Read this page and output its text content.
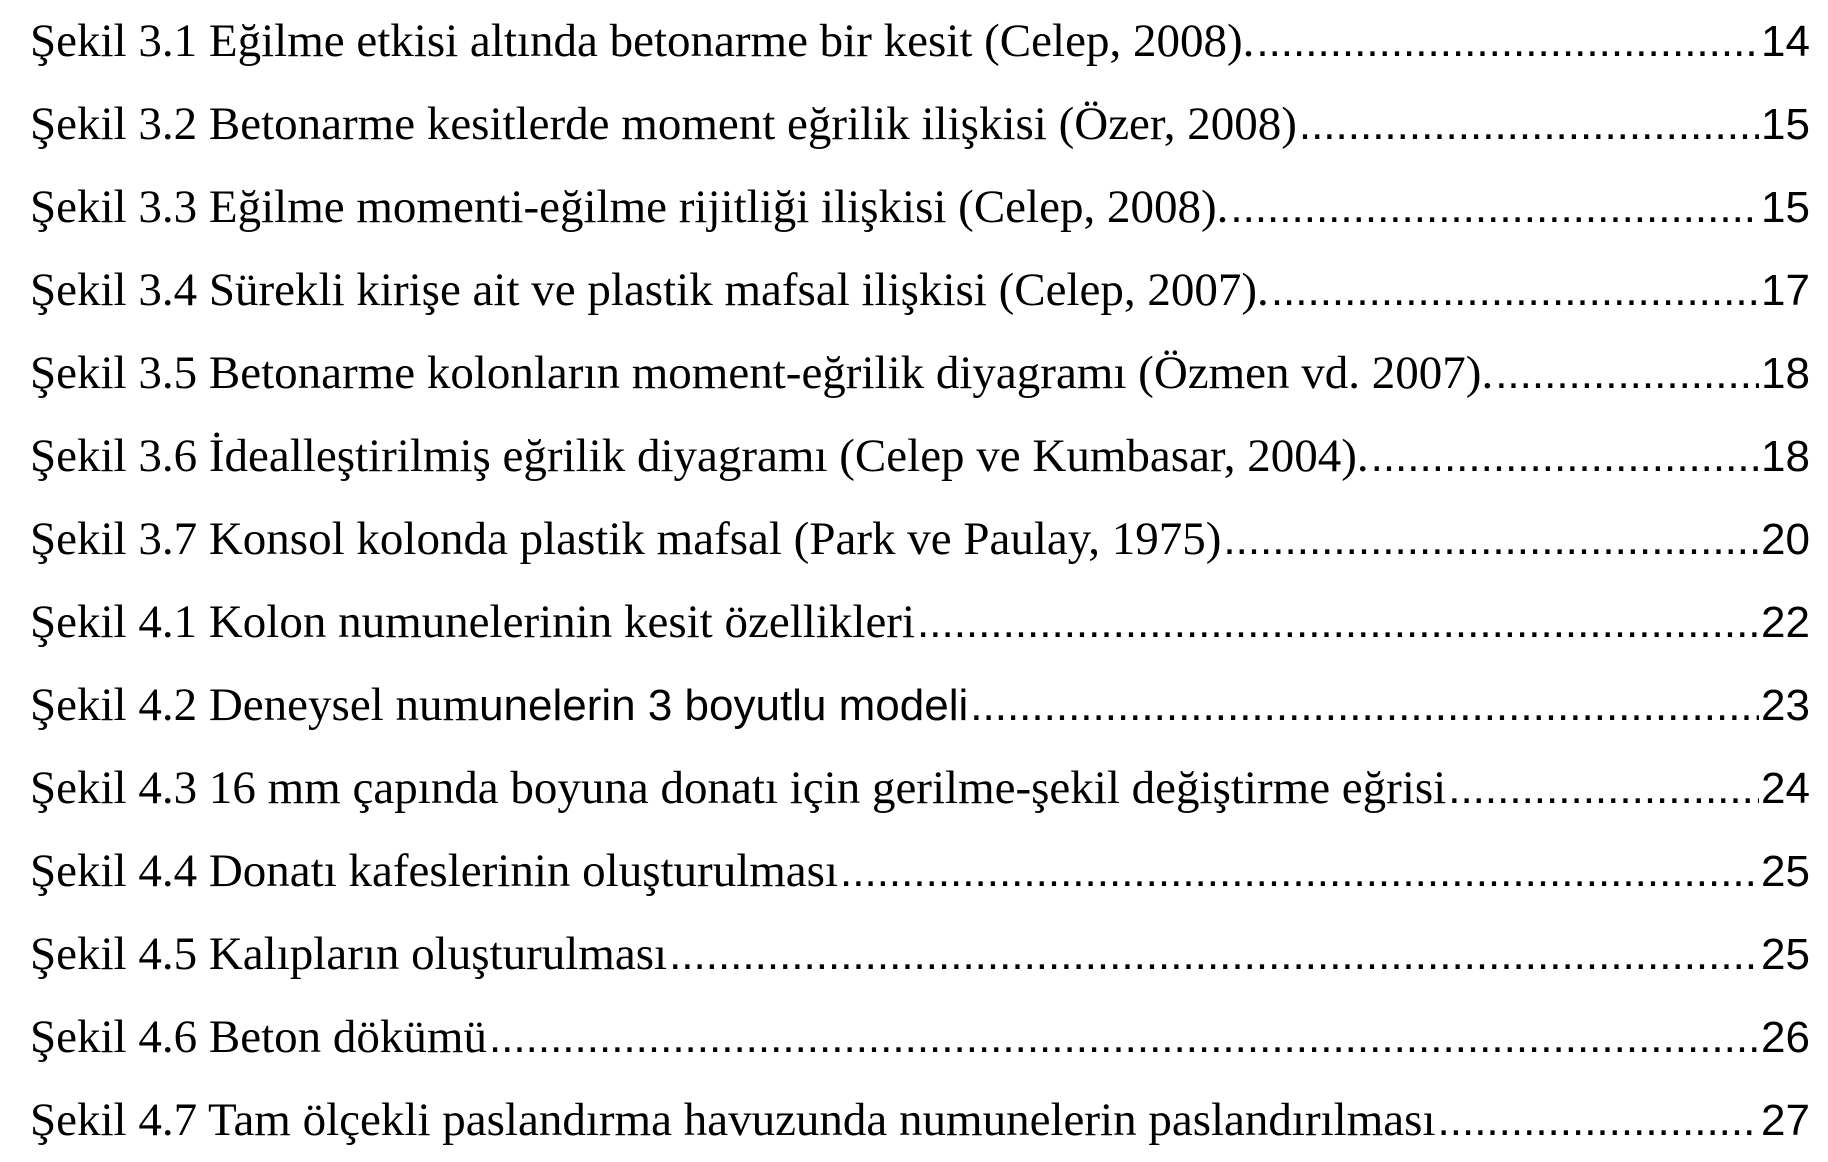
Şekil 3.1 Eğilme etkisi altında betonarme bir kesit (Celep, 2008). .....	14
Şekil 3.2 Betonarme kesitlerde moment eğrilik ilişkisi (Özer, 2008) .....	15
Şekil 3.3 Eğilme momenti-eğilme rijitliği ilişkisi (Celep, 2008). .....	15
Şekil 3.4 Sürekli kirişe ait ve plastik mafsal ilişkisi (Celep, 2007). .....	17
Şekil 3.5 Betonarme kolonların moment-eğrilik diyagramı (Özmen vd. 2007). .....	18
Şekil 3.6 İdealleştirilmiş eğrilik diyagramı (Celep ve Kumbasar, 2004). .....	18
Şekil 3.7 Konsol kolonda plastik mafsal (Park ve Paulay, 1975) .....	20
Şekil 4.1 Kolon numunelerinin kesit özellikleri .....	22
Şekil 4.2 Deneysel numunelerin 3 boyutlu modeli .....	23
Şekil 4.3 16 mm çapında boyuna donatı için gerilme-şekil değiştirme eğrisi .....	24
Şekil 4.4 Donatı kafeslerinin oluşturulması .....	25
Şekil 4.5 Kalıpların oluşturulması .....	25
Şekil 4.6 Beton dökümü .....	26
Şekil 4.7 Tam ölçekli paslandırma havuzunda numunelerin paslandırılması .....	27
